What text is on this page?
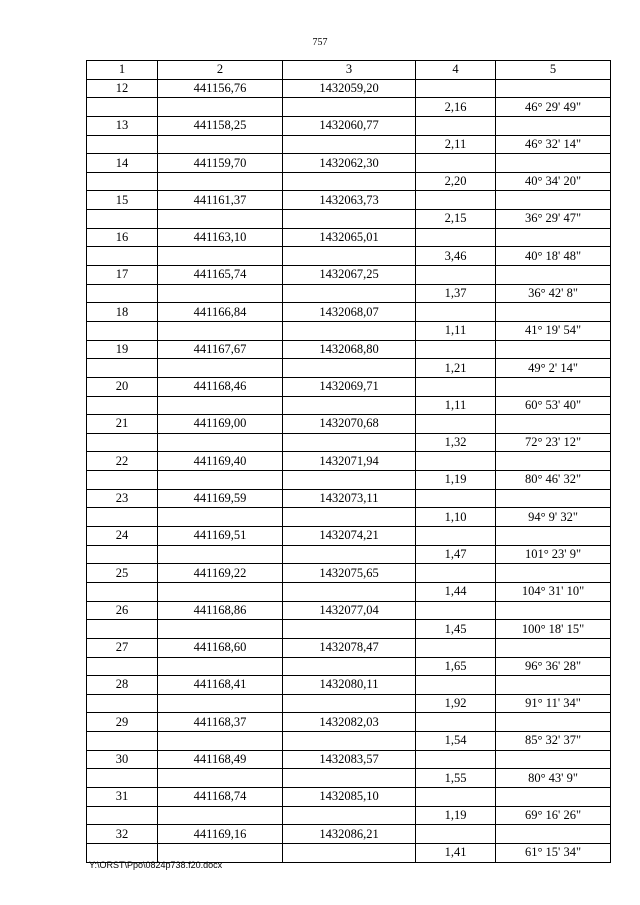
757
1	2	3	4	5
12	441156,76	1432059,20		
			2,16	46° 29' 49"
13	441158,25	1432060,77		
			2,11	46° 32' 14"
14	441159,70	1432062,30		
			2,20	40° 34' 20"
15	441161,37	1432063,73		
			2,15	36° 29' 47"
16	441163,10	1432065,01		
			3,46	40° 18' 48"
17	441165,74	1432067,25		
			1,37	36° 42' 8"
18	441166,84	1432068,07		
			1,11	41° 19' 54"
19	441167,67	1432068,80		
			1,21	49° 2' 14"
20	441168,46	1432069,71		
			1,11	60° 53' 40"
21	441169,00	1432070,68		
			1,32	72° 23' 12"
22	441169,40	1432071,94		
			1,19	80° 46' 32"
23	441169,59	1432073,11		
			1,10	94° 9' 32"
24	441169,51	1432074,21		
			1,47	101° 23' 9"
25	441169,22	1432075,65		
			1,44	104° 31' 10"
26	441168,86	1432077,04		
			1,45	100° 18' 15"
27	441168,60	1432078,47		
			1,65	96° 36' 28"
28	441168,41	1432080,11		
			1,92	91° 11' 34"
29	441168,37	1432082,03		
			1,54	85° 32' 37"
30	441168,49	1432083,57		
			1,55	80° 43' 9"
31	441168,74	1432085,10		
			1,19	69° 16' 26"
32	441169,16	1432086,21		
			1,41	61° 15' 34"
Y:\ORST\Ppo\0824p738.f20.docx
